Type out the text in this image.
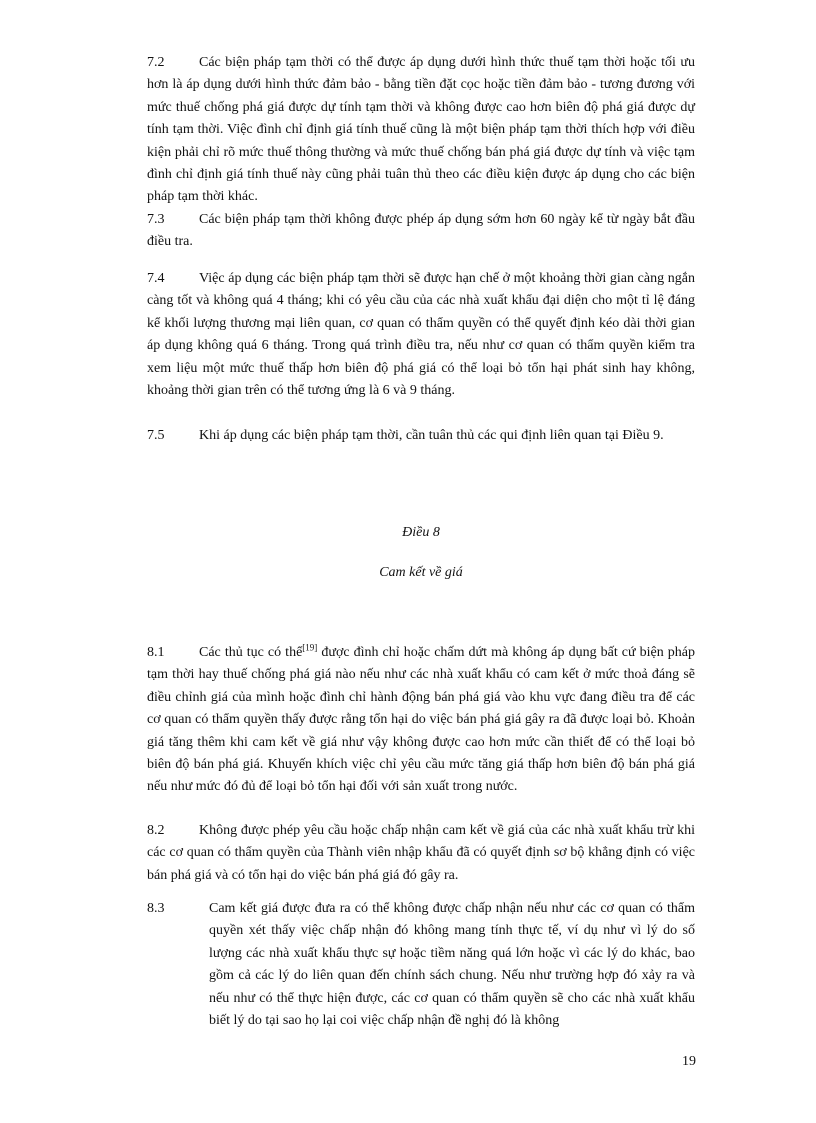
7.2 Các biện pháp tạm thời có thể được áp dụng dưới hình thức thuế tạm thời hoặc tối ưu hơn là áp dụng dưới hình thức đảm bảo - bằng tiền đặt cọc hoặc tiền đảm bảo - tương đương với mức thuế chống phá giá được dự tính tạm thời và không được cao hơn biên độ phá giá được dự tính tạm thời. Việc đình chỉ định giá tính thuế cũng là một biện pháp tạm thời thích hợp với điều kiện phải chỉ rõ mức thuế thông thường và mức thuế chống bán phá giá được dự tính và việc tạm đình chỉ định giá tính thuế này cũng phải tuân thủ theo các điều kiện được áp dụng cho các biện pháp tạm thời khác.

7.3 Các biện pháp tạm thời không được phép áp dụng sớm hơn 60 ngày kể từ ngày bắt đầu điều tra.

7.4 Việc áp dụng các biện pháp tạm thời sẽ được hạn chế ở một khoảng thời gian càng ngắn càng tốt và không quá 4 tháng; khi có yêu cầu của các nhà xuất khẩu đại diện cho một tỉ lệ đáng kể khối lượng thương mại liên quan, cơ quan có thẩm quyền có thể quyết định kéo dài thời gian áp dụng không quá 6 tháng. Trong quá trình điều tra, nếu như cơ quan có thẩm quyền kiểm tra xem liệu một mức thuế thấp hơn biên độ phá giá có thể loại bỏ tổn hại phát sinh hay không, khoảng thời gian trên có thể tương ứng là 6 và 9 tháng.

7.5 Khi áp dụng các biện pháp tạm thời, cần tuân thủ các qui định liên quan tại Điều 9.

Điều 8

Cam kết về giá

8.1 Các thủ tục có thể[19] được đình chỉ hoặc chấm dứt mà không áp dụng bất cứ biện pháp tạm thời hay thuế chống phá giá nào nếu như các nhà xuất khẩu có cam kết ở mức thoả đáng sẽ điều chỉnh giá của mình hoặc đình chỉ hành động bán phá giá vào khu vực đang điều tra để các cơ quan có thẩm quyền thấy được rằng tổn hại do việc bán phá giá gây ra đã được loại bỏ. Khoản giá tăng thêm khi cam kết về giá như vậy không được cao hơn mức cần thiết để có thể loại bỏ biên độ bán phá giá. Khuyến khích việc chỉ yêu cầu mức tăng giá thấp hơn biên độ bán phá giá nếu như mức đó đủ để loại bỏ tổn hại đối với sản xuất trong nước.

8.2 Không được phép yêu cầu hoặc chấp nhận cam kết về giá của các nhà xuất khẩu trừ khi các cơ quan có thẩm quyền của Thành viên nhập khẩu đã có quyết định sơ bộ khẳng định có việc bán phá giá và có tổn hại do việc bán phá giá đó gây ra.

8.3	Cam kết giá được đưa ra có thể không được chấp nhận nếu như các cơ quan có thẩm quyền xét thấy việc chấp nhận đó không mang tính thực tế, ví dụ như vì lý do số lượng các nhà xuất khẩu thực sự hoặc tiềm năng quá lớn hoặc vì các lý do khác, bao gồm cả các lý do liên quan đến chính sách chung. Nếu như trường hợp đó xảy ra và nếu như có thể thực hiện được, các cơ quan có thẩm quyền sẽ cho các nhà xuất khẩu biết lý do tại sao họ lại coi việc chấp nhận đề nghị đó là không
19
